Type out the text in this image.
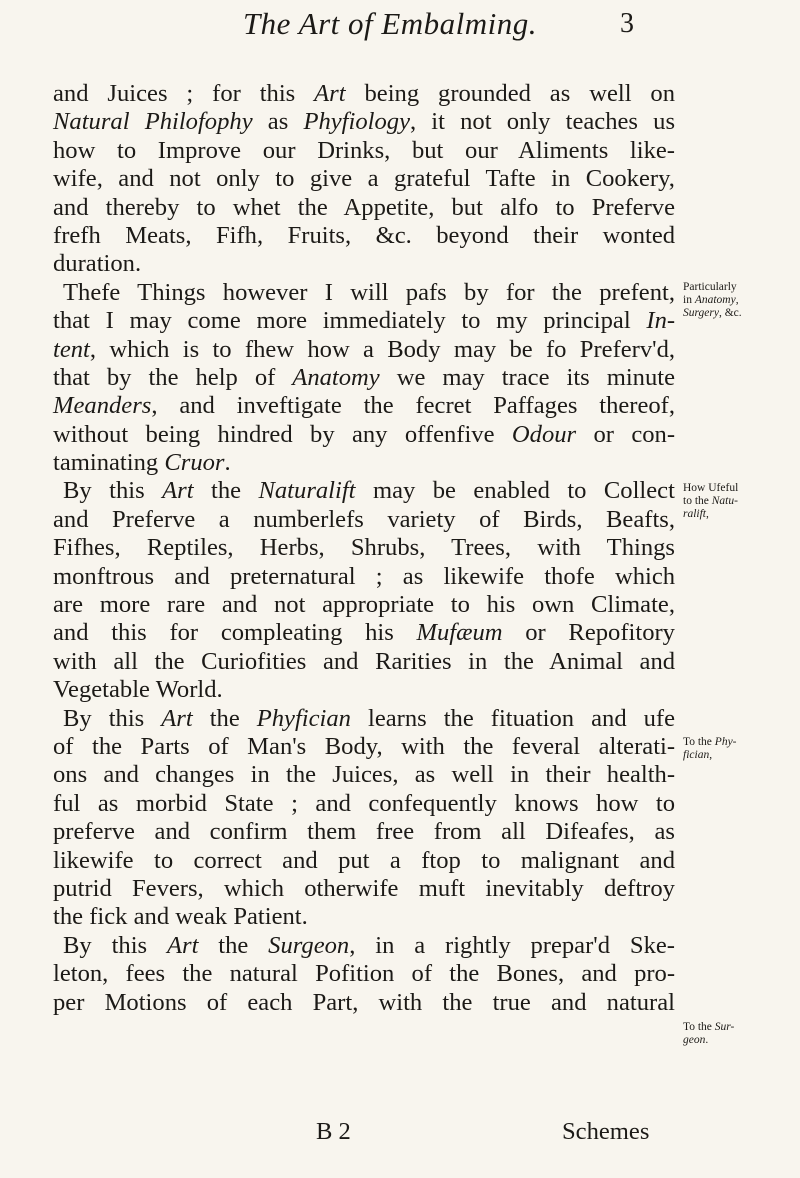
The Art of Embalming.	3
and Juices ; for this Art being grounded as well on
Natural Philofophy as Phyfiology, it not only teaches us
how to Improve our Drinks, but our Aliments like-
wife, and not only to give a grateful Tafte in Cookery,
and thereby to whet the Appetite, but alfo to Preferve
frefh Meats, Fifh, Fruits, &c. beyond their wonted
duration.
Thefe Things however I will pafs by for the prefent,
that I may come more immediately to my principal In-
tent, which is to fhew how a Body may be fo Preferv'd,
that by the help of Anatomy we may trace its minute
Meanders, and inveftigate the fecret Paffages thereof,
without being hindred by any offenfive Odour or con-
taminating Cruor.
By this Art the Naturalift may be enabled to Collect
and Preferve a numberlefs variety of Birds, Beafts,
Fifhes, Reptiles, Herbs, Shrubs, Trees, with Things
monftrous and preternatural ; as likewife thofe which
are more rare and not appropriate to his own Climate,
and this for compleating his Mufæum or Repofitory
with all the Curiofities and Rarities in the Animal and
Vegetable World.
By this Art the Phyfician learns the fituation and ufe
of the Parts of Man's Body, with the feveral alterati-
ons and changes in the Juices, as well in their health-
ful as morbid State ; and confequently knows how to
preferve and confirm them free from all Difeafes, as
likewife to correct and put a ftop to malignant and
putrid Fevers, which otherwife muft inevitably deftroy
the fick and weak Patient.
By this Art the Surgeon, in a rightly prepar'd Ske-
leton, fees the natural Pofition of the Bones, and pro-
per Motions of each Part, with the true and natural
Particularly
in Anatomy,
Surgery, &c.
How Ufeful
to the Natu-
ralift,
To the Phy-
fician,
To the Sur-
geon.
B 2	Schemes
